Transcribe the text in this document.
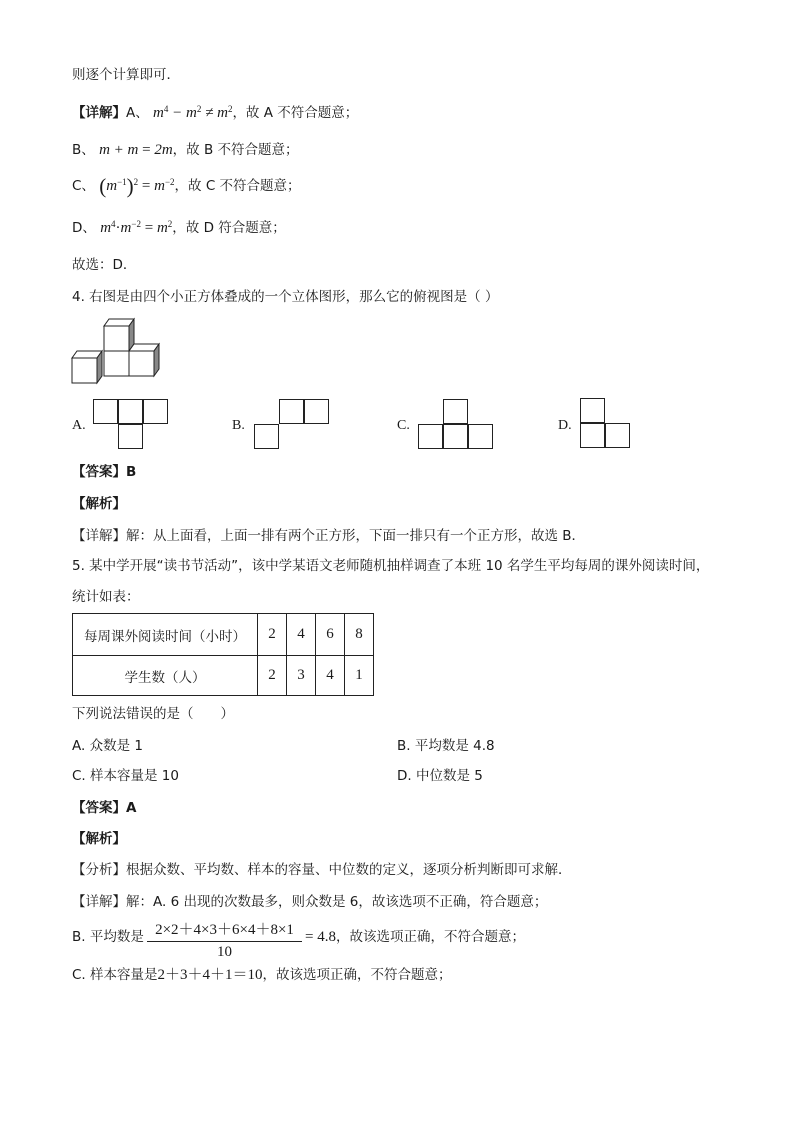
则逐个计算即可．
【详解】A、 $m^4 - m^2 \ne m^2$，故 A 不符合题意；
B、 m + m = 2m，故 B 不符合题意；
C、 $(m^{-1})^2 = m^{-2}$，故 C 不符合题意；
D、 $m^4\cdot m^{-2} = m^2$，故 D 符合题意；
故选：D．
4. 右图是由四个小正方体叠成的一个立体图形，那么它的俯视图是（ ）
A.	B.	C.	D.
【答案】B
【解析】
【详解】解：从上面看，上面一排有两个正方形，下面一排只有一个正方形，故选 B．
5. 某中学开展“读书节活动”，该中学某语文老师随机抽样调查了本班 10 名学生平均每周的课外阅读时间，
统计如表：
每周课外阅读时间（小时）	2	4	6	8
学生数（人）	2	3	4	1
下列说法错误的是（　　）
A. 众数是 1	B. 平均数是 4.8
C. 样本容量是 10	D. 中位数是 5
【答案】A
【解析】
【分析】根据众数、平均数、样本的容量、中位数的定义，逐项分析判断即可求解．
【详解】解：A. 6 出现的次数最多，则众数是 6，故该选项不正确，符合题意；
B. 平均数是 2×2＋4×3＋6×4＋8×1
10
= 4.8，故该选项正确，不符合题意；
C. 样本容量是2＋3＋4＋1＝10，故该选项正确，不符合题意；
